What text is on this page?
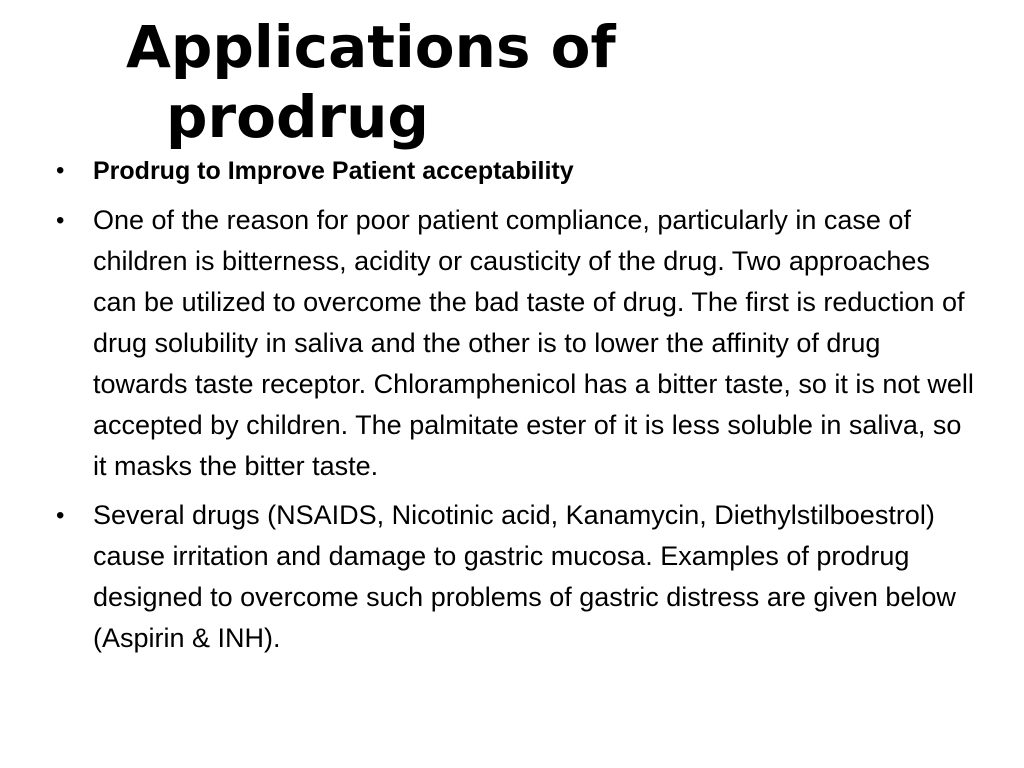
Applications of
prodrug
• Prodrug to Improve Patient acceptability
• One of the reason for poor patient compliance, particularly in case of children is bitterness, acidity or causticity of the drug. Two approaches can be utilized to overcome the bad taste of drug. The first is reduction of drug solubility in saliva and the other is to lower the affinity of drug towards taste receptor. Chloramphenicol has a bitter taste, so it is not well accepted by children. The palmitate ester of it is less soluble in saliva, so it masks the bitter taste.
• Several drugs (NSAIDS, Nicotinic acid, Kanamycin, Diethylstilboestrol) cause irritation and damage to gastric mucosa. Examples of prodrug designed to overcome such problems of gastric distress are given below (Aspirin & INH).
